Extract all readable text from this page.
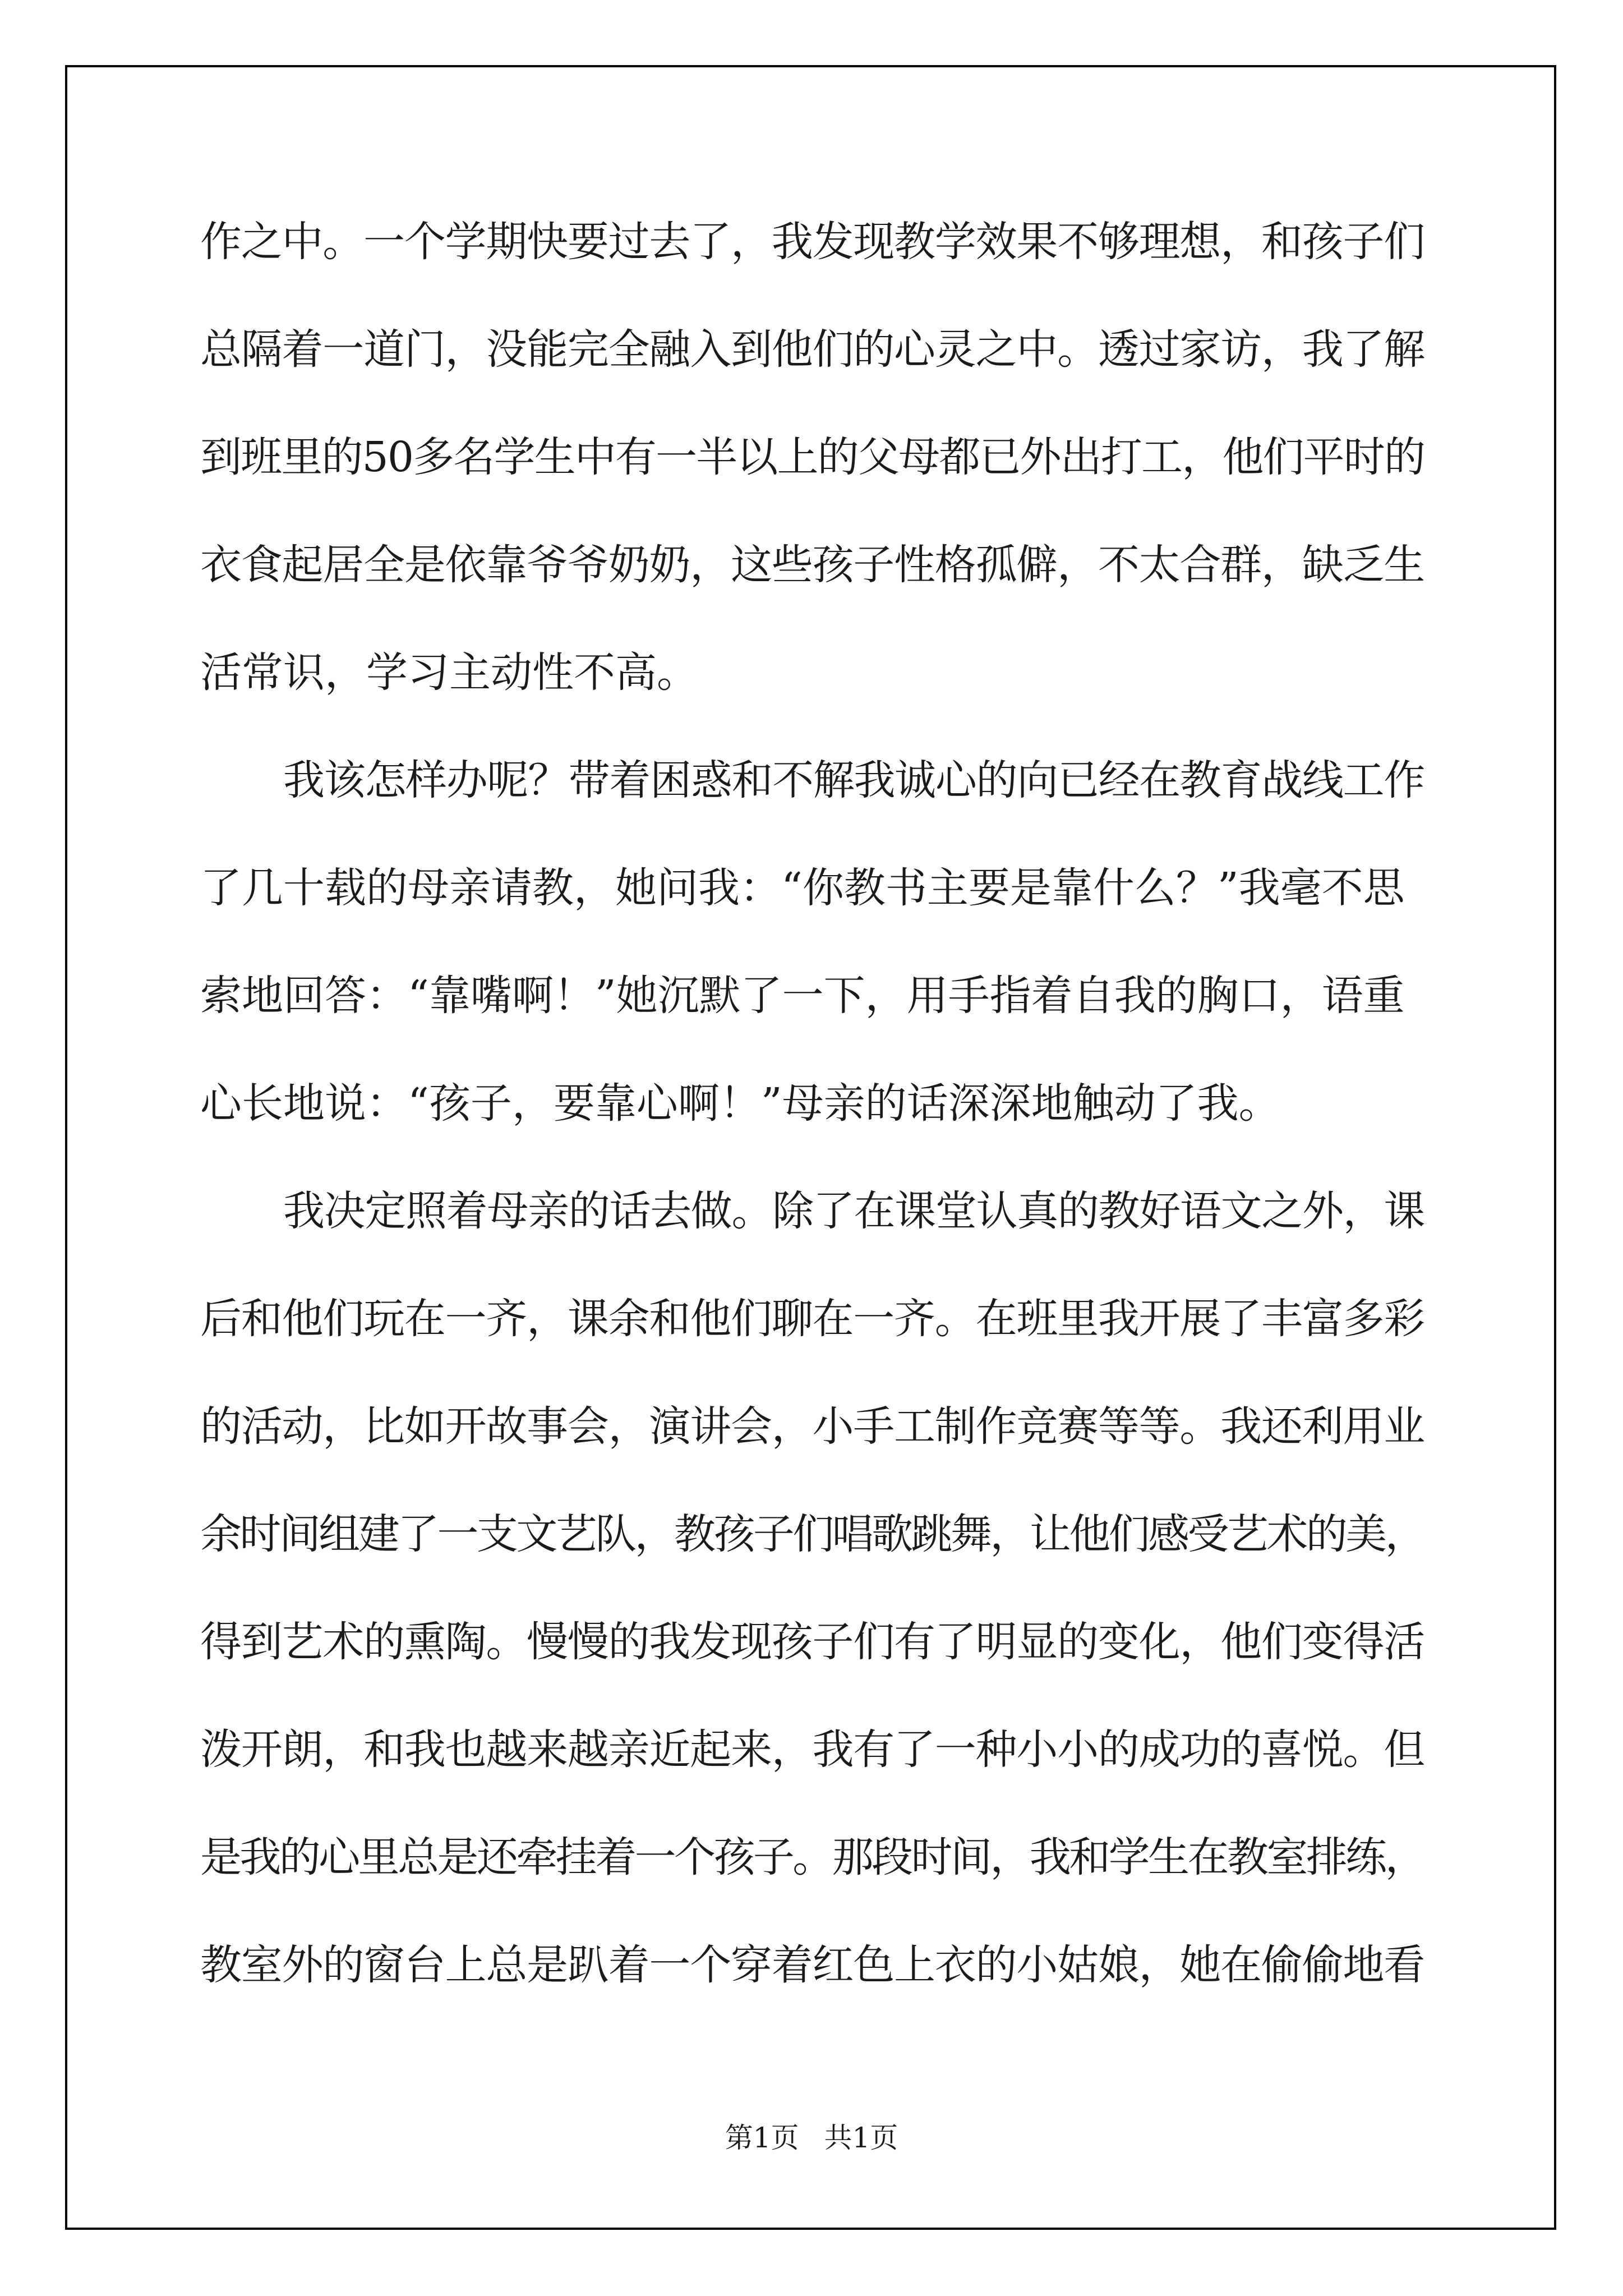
作之中。一个学期快要过去了，我发现教学效果不够理想，和孩子们

总隔着一道门，没能完全融入到他们的心灵之中。透过家访，我了解

到班里的50多名学生中有一半以上的父母都已外出打工，他们平时的

衣食起居全是依靠爷爷奶奶，这些孩子性格孤僻，不太合群，缺乏生

活常识，学习主动性不高。

我该怎样办呢？带着困惑和不解我诚心的向已经在教育战线工作

了几十载的母亲请教，她问我：“你教书主要是靠什么？”我毫不思

索地回答：“靠嘴啊！”她沉默了一下，用手指着自我的胸口，语重

心长地说：“孩子，要靠心啊！”母亲的话深深地触动了我。

我决定照着母亲的话去做。除了在课堂认真的教好语文之外，课

后和他们玩在一齐，课余和他们聊在一齐。在班里我开展了丰富多彩

的活动，比如开故事会，演讲会，小手工制作竞赛等等。我还利用业

余时间组建了一支文艺队，教孩子们唱歌跳舞，让他们感受艺术的美，

得到艺术的熏陶。慢慢的我发现孩子们有了明显的变化，他们变得活

泼开朗，和我也越来越亲近起来，我有了一种小小的成功的喜悦。但

是我的心里总是还牵挂着一个孩子。那段时间，我和学生在教室排练，

教室外的窗台上总是趴着一个穿着红色上衣的小姑娘，她在偷偷地看

第1页 共1页
